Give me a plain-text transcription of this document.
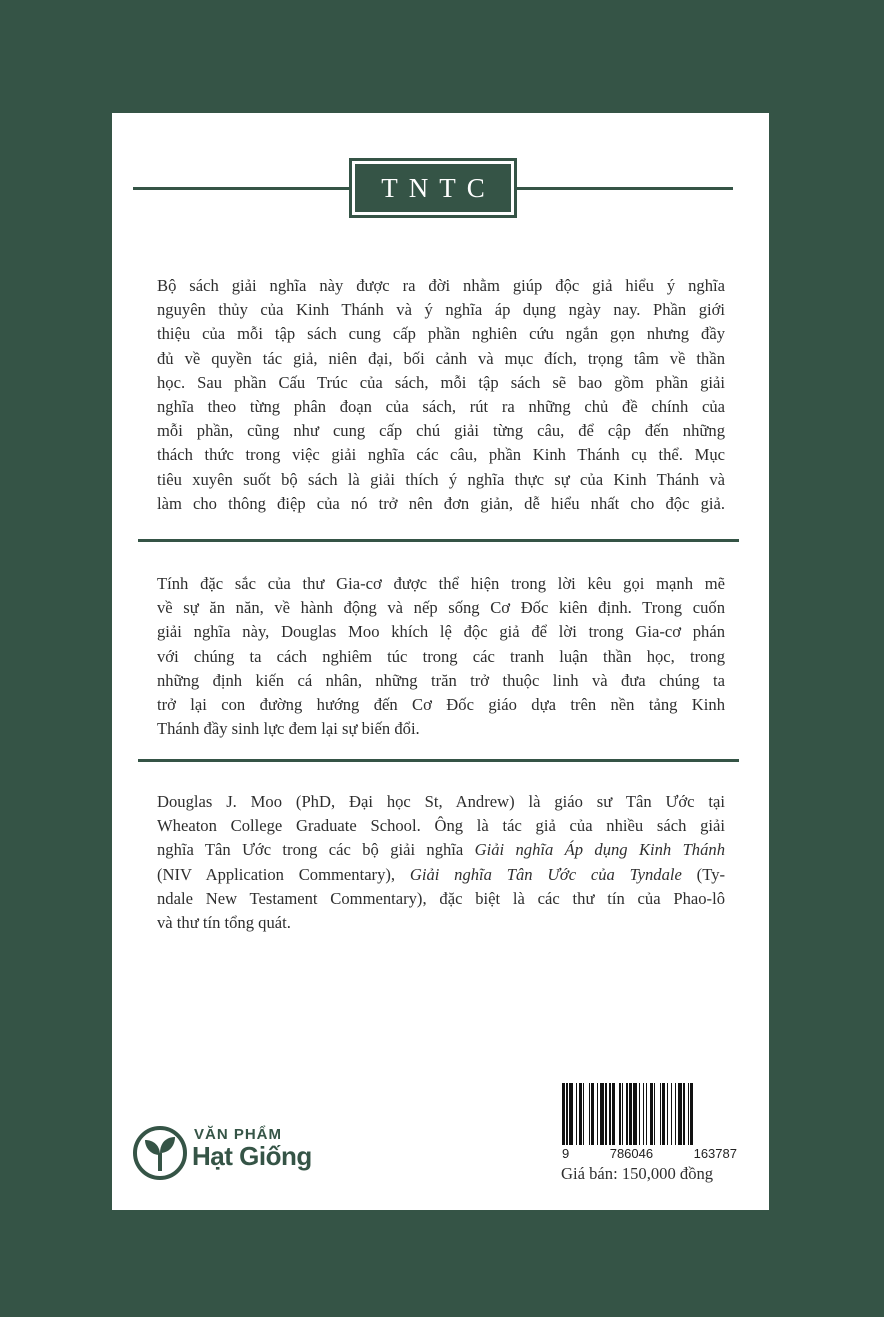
TNTC
Bộ sách giải nghĩa này được ra đời nhằm giúp độc giả hiểu ý nghĩa
nguyên thủy của Kinh Thánh và ý nghĩa áp dụng ngày nay. Phần giới
thiệu của mỗi tập sách cung cấp phần nghiên cứu ngắn gọn nhưng đầy
đủ về quyền tác giả, niên đại, bối cảnh và mục đích, trọng tâm về thần
học. Sau phần Cấu Trúc của sách, mỗi tập sách sẽ bao gồm phần giải
nghĩa theo từng phân đoạn của sách, rút ra những chủ đề chính của
mỗi phần, cũng như cung cấp chú giải từng câu, để cập đến những
thách thức trong việc giải nghĩa các câu, phần Kinh Thánh cụ thể. Mục
tiêu xuyên suốt bộ sách là giải thích ý nghĩa thực sự của Kinh Thánh và
làm cho thông điệp của nó trở nên đơn giản, dễ hiểu nhất cho độc giả.
Tính đặc sắc của thư Gia-cơ được thể hiện trong lời kêu gọi mạnh mẽ
về sự ăn năn, về hành động và nếp sống Cơ Đốc kiên định. Trong cuốn
giải nghĩa này, Douglas Moo khích lệ độc giả để lời trong Gia-cơ phán
với chúng ta cách nghiêm túc trong các tranh luận thần học, trong
những định kiến cá nhân, những trăn trở thuộc linh và đưa chúng ta
trở lại con đường hướng đến Cơ Đốc giáo dựa trên nền tảng Kinh
Thánh đầy sinh lực đem lại sự biến đổi.
Douglas J. Moo (PhD, Đại học St, Andrew) là giáo sư Tân Ước tại
Wheaton College Graduate School. Ông là tác giả của nhiều sách giải
nghĩa Tân Ước trong các bộ giải nghĩa Giải nghĩa Áp dụng Kinh Thánh
(NIV Application Commentary), Giải nghĩa Tân Ước của Tyndale (Ty-
ndale New Testament Commentary), đặc biệt là các thư tín của Phao-lô
và thư tín tổng quát.
VĂN PHẨM
Hạt Giống	9	786046	163787
Giá bán: 150,000 đồng
